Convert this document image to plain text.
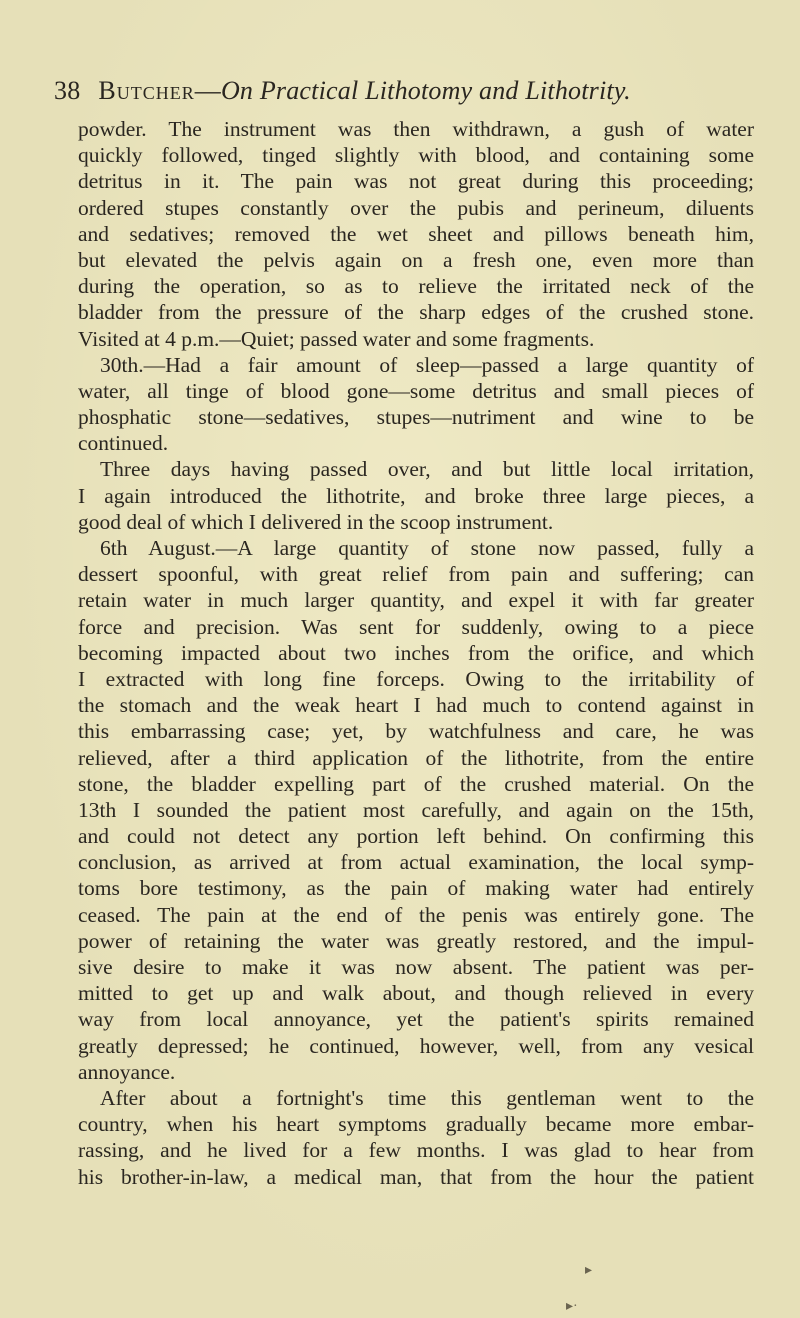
38 Butcher—On Practical Lithotomy and Lithotrity.
powder. The instrument was then withdrawn, a gush of water
quickly followed, tinged slightly with blood, and containing some
detritus in it. The pain was not great during this proceeding;
ordered stupes constantly over the pubis and perineum, diluents
and sedatives; removed the wet sheet and pillows beneath him,
but elevated the pelvis again on a fresh one, even more than
during the operation, so as to relieve the irritated neck of the
bladder from the pressure of the sharp edges of the crushed stone.
Visited at 4 p.m.—Quiet; passed water and some fragments.
30th.—Had a fair amount of sleep—passed a large quantity of
water, all tinge of blood gone—some detritus and small pieces of
phosphatic stone—sedatives, stupes—nutriment and wine to be
continued.
Three days having passed over, and but little local irritation,
I again introduced the lithotrite, and broke three large pieces, a
good deal of which I delivered in the scoop instrument.
6th August.—A large quantity of stone now passed, fully a
dessert spoonful, with great relief from pain and suffering; can
retain water in much larger quantity, and expel it with far greater
force and precision. Was sent for suddenly, owing to a piece
becoming impacted about two inches from the orifice, and which
I extracted with long fine forceps. Owing to the irritability of
the stomach and the weak heart I had much to contend against in
this embarrassing case; yet, by watchfulness and care, he was
relieved, after a third application of the lithotrite, from the entire
stone, the bladder expelling part of the crushed material. On the
13th I sounded the patient most carefully, and again on the 15th,
and could not detect any portion left behind. On confirming this
conclusion, as arrived at from actual examination, the local symp-
toms bore testimony, as the pain of making water had entirely
ceased. The pain at the end of the penis was entirely gone. The
power of retaining the water was greatly restored, and the impul-
sive desire to make it was now absent. The patient was per-
mitted to get up and walk about, and though relieved in every
way from local annoyance, yet the patient's spirits remained
greatly depressed; he continued, however, well, from any vesical
annoyance.
After about a fortnight's time this gentleman went to the
country, when his heart symptoms gradually became more embar-
rassing, and he lived for a few months. I was glad to hear from
his brother-in-law, a medical man, that from the hour the patient
▸
▸·
